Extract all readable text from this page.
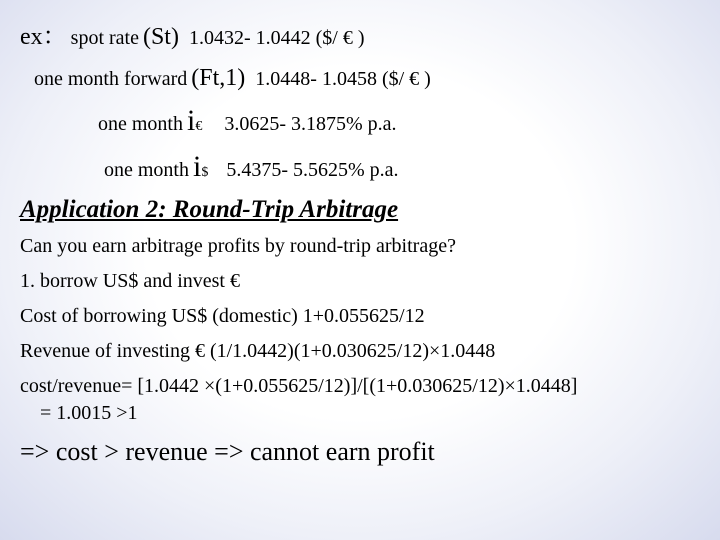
ex： spot rate (St) 1.0432- 1.0442 ($/ € )
one month forward (Ft,1) 1.0448- 1.0458 ($/ € )
one month i€ 3.0625- 3.1875% p.a.
one month i$ 5.4375- 5.5625% p.a.
Application 2: Round-Trip Arbitrage
Can you earn arbitrage profits by round-trip arbitrage?
1. borrow US$ and invest €
Cost of borrowing US$ (domestic) 1+0.055625/12
Revenue of investing € (1/1.0442)(1+0.030625/12)×1.0448
cost/revenue= [1.0442 ×(1+0.055625/12)]/[(1+0.030625/12)×1.0448]
= 1.0015 >1
=> cost > revenue => cannot earn profit
